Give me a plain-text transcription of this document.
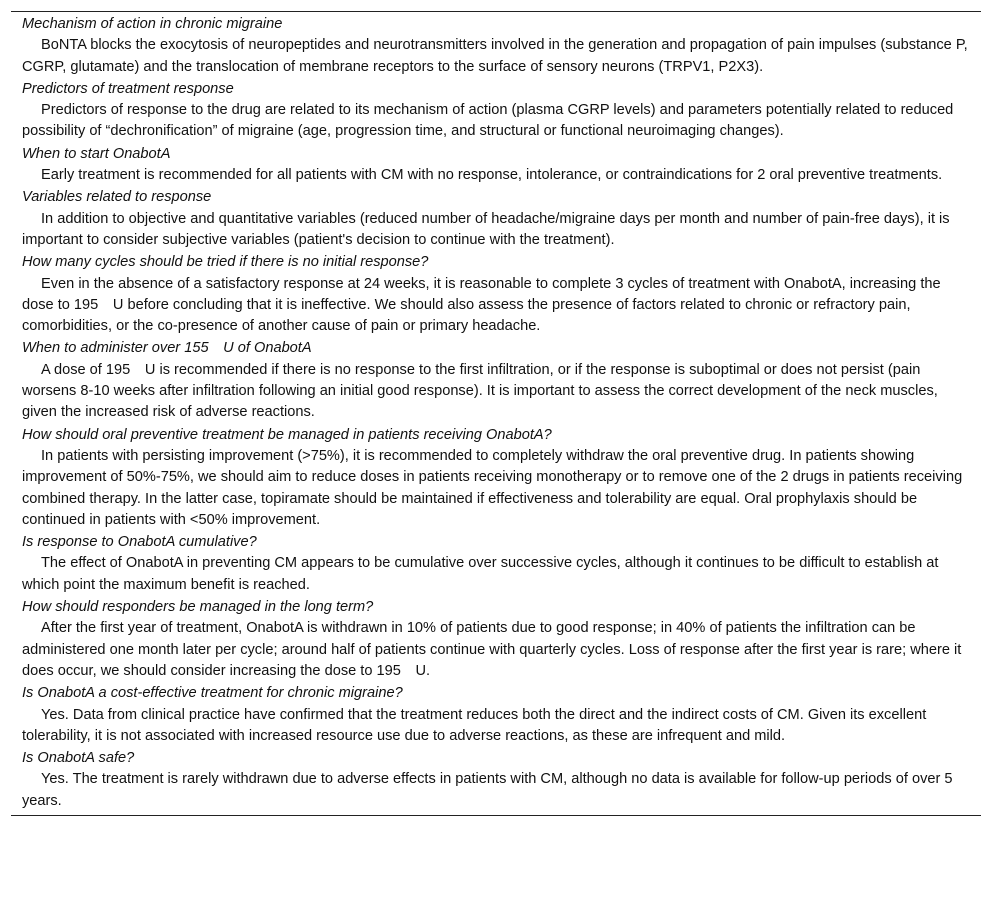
Mechanism of action in chronic migraine

BoNTA blocks the exocytosis of neuropeptides and neurotransmitters involved in the generation and propagation of pain impulses (substance P, CGRP, glutamate) and the translocation of membrane receptors to the surface of sensory neurons (TRPV1, P2X3).

Predictors of treatment response

Predictors of response to the drug are related to its mechanism of action (plasma CGRP levels) and parameters potentially related to reduced possibility of “dechronification” of migraine (age, progression time, and structural or functional neuroimaging changes).

When to start OnabotA

Early treatment is recommended for all patients with CM with no response, intolerance, or contraindications for 2 oral preventive treatments.

Variables related to response

In addition to objective and quantitative variables (reduced number of headache/migraine days per month and number of pain-free days), it is important to consider subjective variables (patient's decision to continue with the treatment).

How many cycles should be tried if there is no initial response?

Even in the absence of a satisfactory response at 24 weeks, it is reasonable to complete 3 cycles of treatment with OnabotA, increasing the dose to 195 U before concluding that it is ineffective. We should also assess the presence of factors related to chronic or refractory pain, comorbidities, or the co-presence of another cause of pain or primary headache.

When to administer over 155 U of OnabotA

A dose of 195 U is recommended if there is no response to the first infiltration, or if the response is suboptimal or does not persist (pain worsens 8-10 weeks after infiltration following an initial good response). It is important to assess the correct development of the neck muscles, given the increased risk of adverse reactions.

How should oral preventive treatment be managed in patients receiving OnabotA?

In patients with persisting improvement (>75%), it is recommended to completely withdraw the oral preventive drug. In patients showing improvement of 50%-75%, we should aim to reduce doses in patients receiving monotherapy or to remove one of the 2 drugs in patients receiving combined therapy. In the latter case, topiramate should be maintained if effectiveness and tolerability are equal. Oral prophylaxis should be continued in patients with <50% improvement.

Is response to OnabotA cumulative?

The effect of OnabotA in preventing CM appears to be cumulative over successive cycles, although it continues to be difficult to establish at which point the maximum benefit is reached.

How should responders be managed in the long term?

After the first year of treatment, OnabotA is withdrawn in 10% of patients due to good response; in 40% of patients the infiltration can be administered one month later per cycle; around half of patients continue with quarterly cycles. Loss of response after the first year is rare; where it does occur, we should consider increasing the dose to 195 U.

Is OnabotA a cost-effective treatment for chronic migraine?

Yes. Data from clinical practice have confirmed that the treatment reduces both the direct and the indirect costs of CM. Given its excellent tolerability, it is not associated with increased resource use due to adverse reactions, as these are infrequent and mild.

Is OnabotA safe?

Yes. The treatment is rarely withdrawn due to adverse effects in patients with CM, although no data is available for follow-up periods of over 5 years.
